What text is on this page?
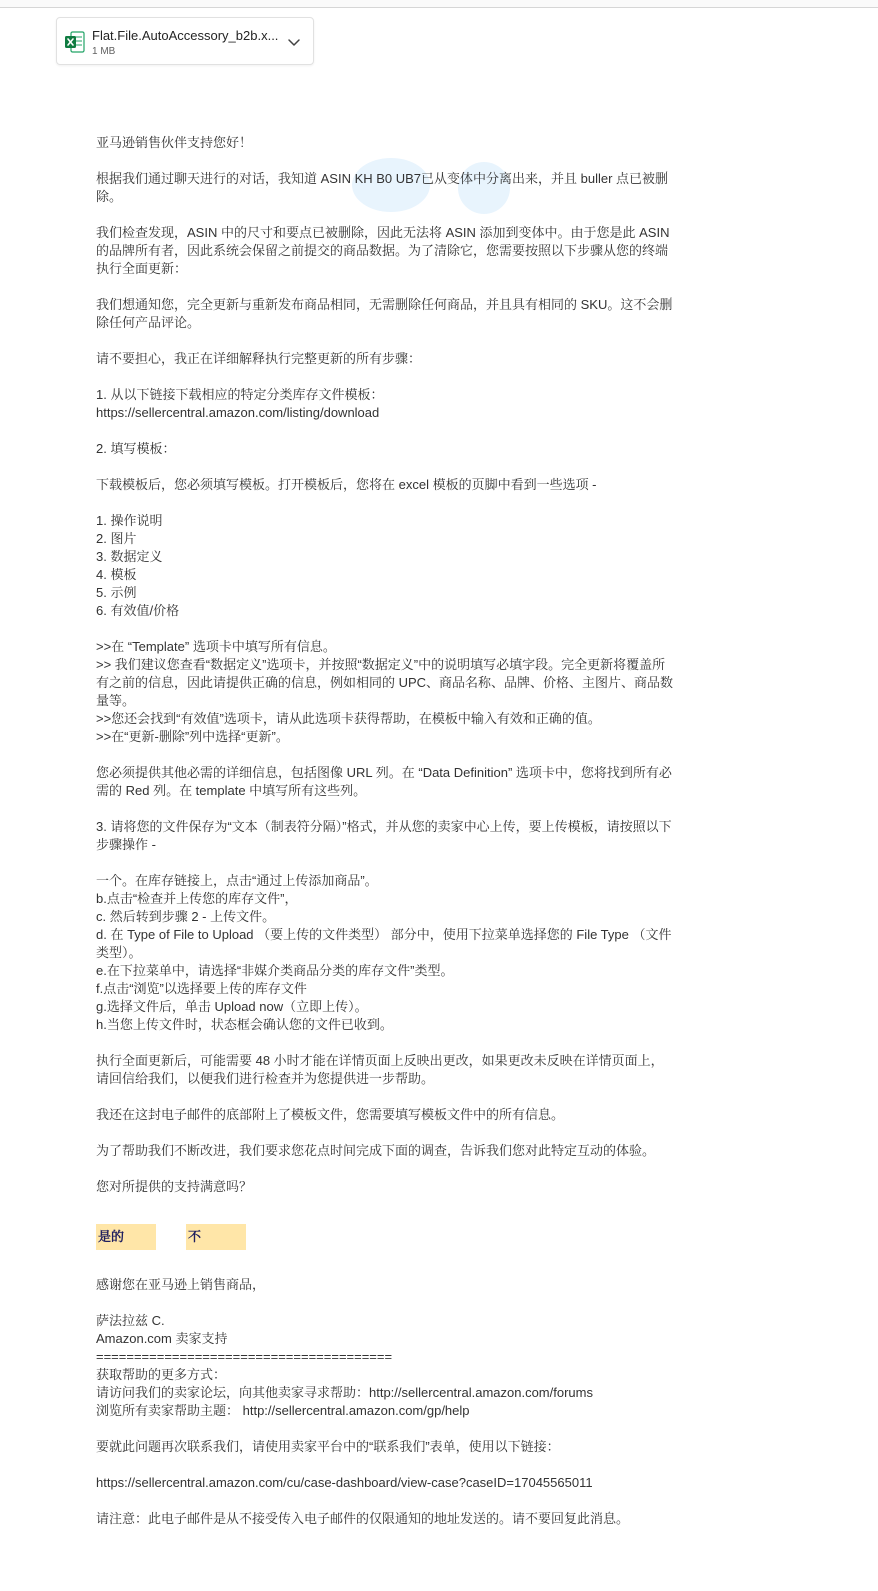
Flat.File.AutoAccessory_b2b.x...
1 MB

亚马逊销售伙伴支持您好！

根据我们通过聊天进行的对话，我知道 ASIN KH B0 UB7已从变体中分离出来，并且 buller 点已被删除。

我们检查发现，ASIN 中的尺寸和要点已被删除，因此无法将 ASIN 添加到变体中。由于您是此 ASIN 的品牌所有者，因此系统会保留之前提交的商品数据。为了清除它，您需要按照以下步骤从您的终端执行全面更新：

我们想通知您，完全更新与重新发布商品相同，无需删除任何商品，并且具有相同的 SKU。这不会删除任何产品评论。

请不要担心，我正在详细解释执行完整更新的所有步骤：

1. 从以下链接下载相应的特定分类库存文件模板：
https://sellercentral.amazon.com/listing/download

2. 填写模板：

下载模板后，您必须填写模板。打开模板后，您将在 excel 模板的页脚中看到一些选项 -

1. 操作说明
2. 图片
3. 数据定义
4. 模板
5. 示例
6. 有效值/价格

>>在 “Template” 选项卡中填写所有信息。
>> 我们建议您查看“数据定义”选项卡，并按照“数据定义”中的说明填写必填字段。完全更新将覆盖所有之前的信息，因此请提供正确的信息，例如相同的 UPC、商品名称、品牌、价格、主图片、商品数量等。
>>您还会找到“有效值”选项卡，请从此选项卡获得帮助，在模板中输入有效和正确的值。
>>在“更新-删除”列中选择“更新”。

您必须提供其他必需的详细信息，包括图像 URL 列。在 “Data Definition” 选项卡中，您将找到所有必需的 Red 列。在 template 中填写所有这些列。

3. 请将您的文件保存为“文本（制表符分隔）”格式，并从您的卖家中心上传，要上传模板，请按照以下步骤操作 -

一个。在库存链接上，点击“通过上传添加商品”。
b.点击“检查并上传您的库存文件”，
c. 然后转到步骤 2 - 上传文件。
d. 在 Type of File to Upload （要上传的文件类型） 部分中，使用下拉菜单选择您的 File Type （文件类型）。
e.在下拉菜单中，请选择“非媒介类商品分类的库存文件”类型。
f.点击“浏览”以选择要上传的库存文件
g.选择文件后，单击 Upload now（立即上传）。
h.当您上传文件时，状态框会确认您的文件已收到。

执行全面更新后，可能需要 48 小时才能在详情页面上反映出更改，如果更改未反映在详情页面上，请回信给我们，以便我们进行检查并为您提供进一步帮助。

我还在这封电子邮件的底部附上了模板文件，您需要填写模板文件中的所有信息。

为了帮助我们不断改进，我们要求您花点时间完成下面的调查，告诉我们您对此特定互动的体验。

您对所提供的支持满意吗？

是的	不

感谢您在亚马逊上销售商品，

萨法拉兹 C.
Amazon.com 卖家支持
=======================================
获取帮助的更多方式：
请访问我们的卖家论坛，向其他卖家寻求帮助：http://sellercentral.amazon.com/forums
浏览所有卖家帮助主题： http://sellercentral.amazon.com/gp/help

要就此问题再次联系我们，请使用卖家平台中的“联系我们”表单，使用以下链接：

https://sellercentral.amazon.com/cu/case-dashboard/view-case?caseID=17045565011

请注意：此电子邮件是从不接受传入电子邮件的仅限通知的地址发送的。请不要回复此消息。
